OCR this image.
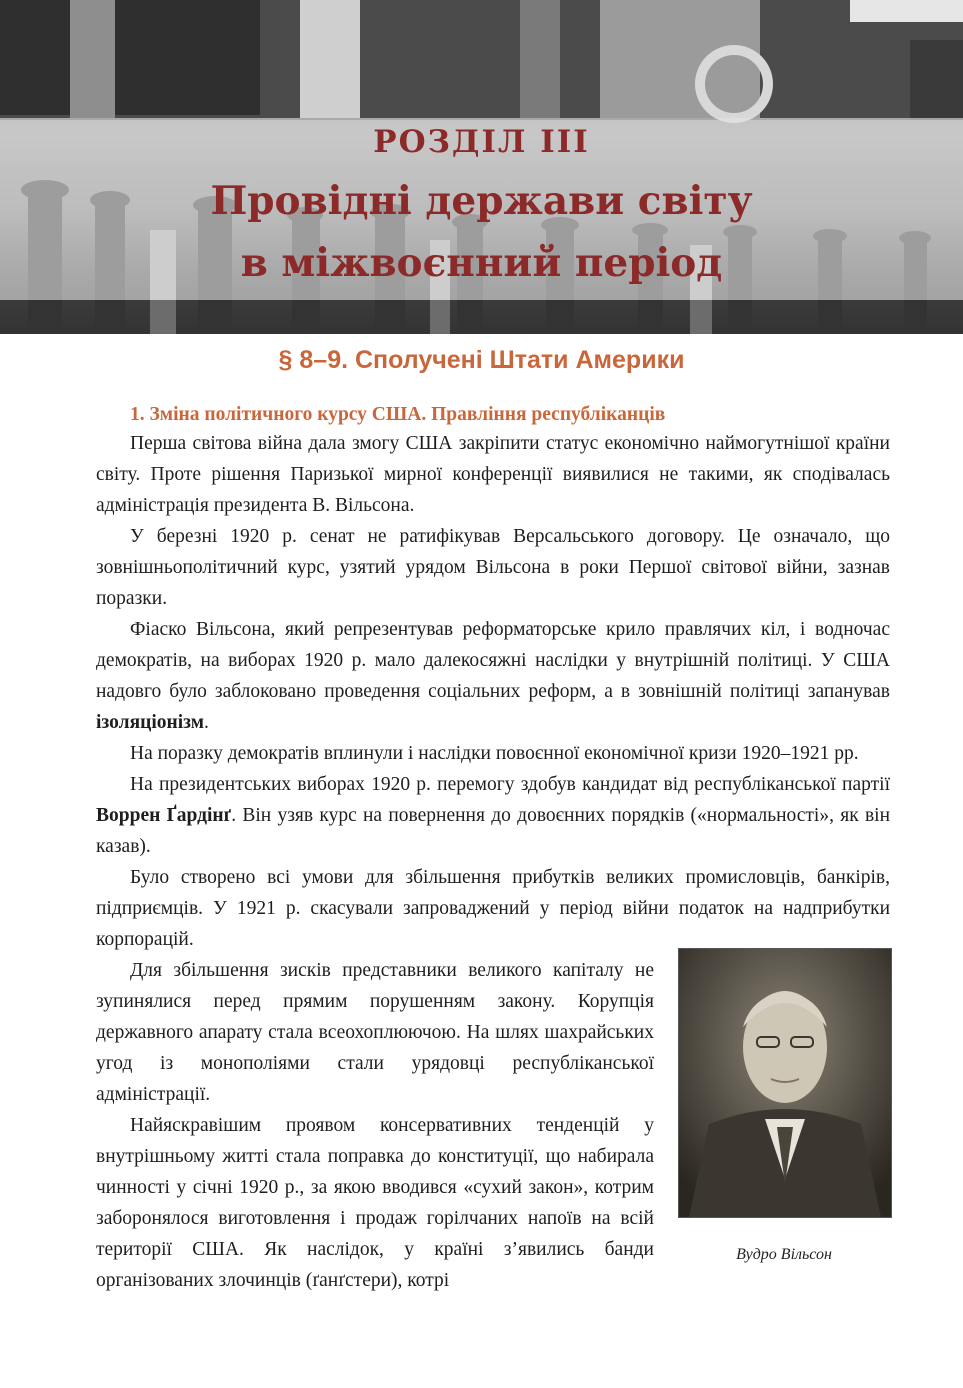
РОЗДІЛ ІІІ
Провідні держави світу
в міжвоєнний період
§ 8–9. Сполучені Штати Америки
1. Зміна політичного курсу США. Правління республіканців

Перша світова війна дала змогу США закріпити статус економічно наймогутнішої країни світу. Проте рішення Паризької мирної конференції виявилися не такими, як сподівалась адміністрація президента В. Вільсона.

У березні 1920 р. сенат не ратифікував Версальського договору. Це означало, що зовнішньополітичний курс, узятий урядом Вільсона в роки Першої світової війни, зазнав поразки.

Фіаско Вільсона, який репрезентував реформаторське крило правлячих кіл, і водночас демократів, на виборах 1920 р. мало далекосяжні наслідки у внутрішній політиці. У США надовго було заблоковано проведення соціальних реформ, а в зовнішній політиці запанував ізоляціонізм.

На поразку демократів вплинули і наслідки повоєнної економічної кризи 1920–1921 рр.

На президентських виборах 1920 р. перемогу здобув кандидат від республіканської партії Воррен Ґардінґ. Він узяв курс на повернення до довоєнних порядків («нормальності», як він казав).

Було створено всі умови для збільшення прибутків великих промисловців, банкірів, підприємців. У 1921 р. скасували запроваджений у період війни податок на надприбутки корпорацій.

Для збільшення зисків представники великого капіталу не зупинялися перед прямим порушенням закону. Корупція державного апарату стала всеохоплюючою. На шлях шахрайських угод із монополіями стали урядовці республіканської адміністрації.

Найяскравішим проявом консервативних тенденцій у внутрішньому житті стала поправка до конституції, що набирала чинності у січні 1920 р., за якою вводився «сухий закон», котрим заборонялося виготовлення і продаж горілчаних напоїв на всій території США. Як наслідок, у країні з’явились банди організованих злочинців (ґанґстери), котрі

Вудро Вільсон
